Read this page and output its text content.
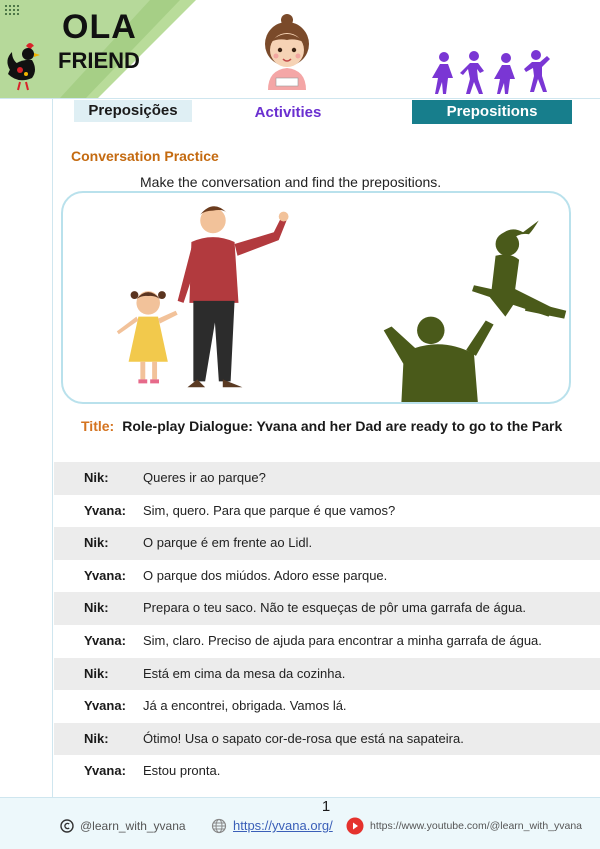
OLA
FRIEND
Preposições	Activities	Prepositions
Conversation Practice
Make the conversation and find the prepositions.
Title: Role-play Dialogue: Yvana and her Dad are ready to go to the Park
Nik:	Queres ir ao parque?
Yvana: Sim, quero. Para que parque é que vamos?
Nik:	O parque é em frente ao Lidl.
Yvana: O parque dos miúdos. Adoro esse parque.
Nik:	Prepara o teu saco. Não te esqueças de pôr uma garrafa de água.
Yvana: Sim, claro. Preciso de ajuda para encontrar a minha garrafa de água.
Nik:	Está em cima da mesa da cozinha.
Yvana: Já a encontrei, obrigada. Vamos lá.
Nik:	Ótimo! Usa o sapato cor-de-rosa que está na sapateira.
Yvana: Estou pronta.
1
@learn_with_yvana	https://yvana.org/	https://www.youtube.com/@learn_with_yvana
